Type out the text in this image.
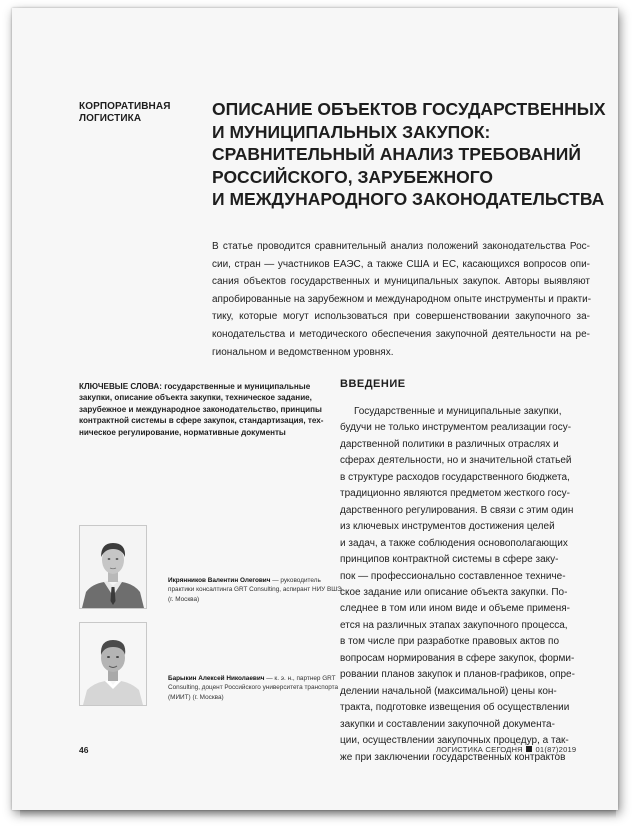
КОРПОРАТИВНАЯ
ЛОГИСТИКА	ОПИСАНИЕ ОБЪЕКТОВ ГОСУДАРСТВЕННЫХ
И МУНИЦИПАЛЬНЫХ ЗАКУПОК:
СРАВНИТЕЛЬНЫЙ АНАЛИЗ ТРЕБОВАНИЙ
РОССИЙСКОГО, ЗАРУБЕЖНОГО
И МЕЖДУНАРОДНОГО ЗАКОНОДАТЕЛЬСТВА
В статье проводится сравнительный анализ положений законодательства Рос-
сии, стран — участников ЕАЭС, а также США и ЕС, касающихся вопросов опи-
сания объектов государственных и муниципальных закупок. Авторы выявляют
апробированные на зарубежном и международном опыте инструменты и практи-
тику, которые могут использоваться при совершенствовании закупочного за-
конодательства и методического обеспечения закупочной деятельности на ре-
гиональном и ведомственном уровнях.
КЛЮЧЕВЫЕ СЛОВА: государственные и муниципальные
закупки, описание объекта закупки, техническое задание,
зарубежное и международное законодательство, принципы
контрактной системы в сфере закупок, стандартизация, тех-
ническое регулирование, нормативные документы
ВВЕДЕНИЕ
Государственные и муниципальные закупки,
будучи не только инструментом реализации госу-
дарственной политики в различных отраслях и
сферах деятельности, но и значительной статьей
в структуре расходов государственного бюджета,
традиционно являются предметом жесткого госу-
дарственного регулирования. В связи с этим один
из ключевых инструментов достижения целей
и задач, а также соблюдения основополагающих
принципов контрактной системы в сфере заку-
пок — профессионально составленное техниче-
ское задание или описание объекта закупки. По-
следнее в том или ином виде и объеме применя-
ется на различных этапах закупочного процесса,
в том числе при разработке правовых актов по
вопросам нормирования в сфере закупок, форми-
ровании планов закупок и планов-графиков, опре-
делении начальной (максимальной) цены кон-
тракта, подготовке извещения об осуществлении
закупки и составлении закупочной документа-
ции, осуществлении закупочных процедур, а так-
же при заключении государственных контрактов
Икрянников Валентин Олегович — руководитель
практики консалтинга GRT Consulting, аспирант НИУ ВШЭ
(г. Москва)
Барыкин Алексей Николаевич — к. э. н., партнер GRT
Consulting, доцент Российского университета транспорта
(МИИТ) (г. Москва)
46	ЛОГИСТИКА СЕГОДНЯ 01(87)2019
